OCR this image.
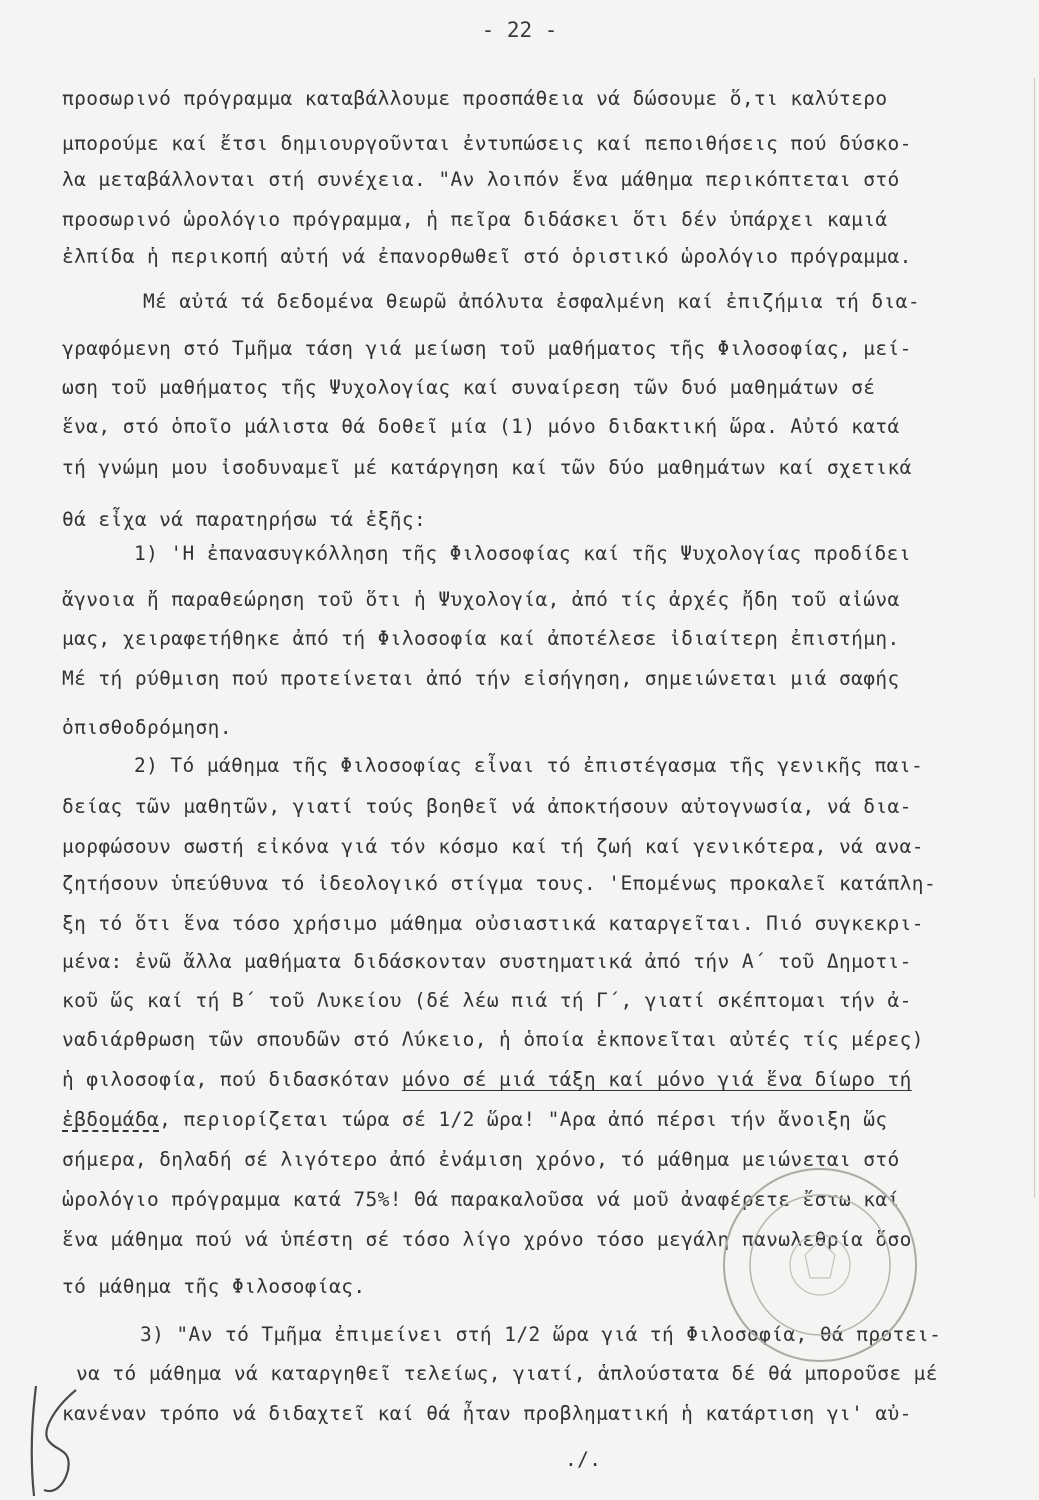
- 22 -
προσωρινό πρόγραμμα καταβάλλουμε προσπάθεια νά δώσουμε ὅ,τι καλύτερο
μπορούμε καί ἔτσι δημιουργοῦνται ἐντυπώσεις καί πεποιθήσεις πού δύσκο-
λα μεταβάλλονται στή συνέχεια. "Αν λοιπόν ἕνα μάθημα περικόπτεται στό
προσωρινό ὡρολόγιο πρόγραμμα, ἡ πεῖρα διδάσκει ὅτι δέν ὑπάρχει καμιά
ἐλπίδα ἡ περικοπή αὐτή νά ἐπανορθωθεῖ στό ὁριστικό ὡρολόγιο πρόγραμμα.
Μέ αὐτά τά δεδομένα θεωρῶ ἀπόλυτα ἐσφαλμένη καί ἐπιζήμια τή δια-
γραφόμενη στό Τμῆμα τάση γιά μείωση τοῦ μαθήματος τῆς Φιλοσοφίας, μεί-
ωση τοῦ μαθήματος τῆς Ψυχολογίας καί συναίρεση τῶν δυό μαθημάτων σέ
ἕνα, στό ὁποῖο μάλιστα θά δοθεῖ μία (1) μόνο διδακτική ὥρα. Αὐτό κατά
τή γνώμη μου ἰσοδυναμεῖ μέ κατάργηση καί τῶν δύο μαθημάτων καί σχετικά
θά εἶχα νά παρατηρήσω τά ἑξῆς:
1) 'Η ἐπανασυγκόλληση τῆς Φιλοσοφίας καί τῆς Ψυχολογίας προδίδει
ἄγνοια ἤ παραθεώρηση τοῦ ὅτι ἡ Ψυχολογία, ἀπό τίς ἀρχές ἤδη τοῦ αἰώνα
μας, χειραφετήθηκε ἀπό τή Φιλοσοφία καί ἀποτέλεσε ἰδιαίτερη ἐπιστήμη.
Μέ τή ρύθμιση πού προτείνεται ἀπό τήν εἰσήγηση, σημειώνεται μιά σαφής
ὀπισθοδρόμηση.
2) Τό μάθημα τῆς Φιλοσοφίας εἶναι τό ἐπιστέγασμα τῆς γενικῆς παι-
δείας τῶν μαθητῶν, γιατί τούς βοηθεῖ νά ἀποκτήσουν αὐτογνωσία, νά δια-
μορφώσουν σωστή εἰκόνα γιά τόν κόσμο καί τή ζωή καί γενικότερα, νά ανα-
ζητήσουν ὑπεύθυνα τό ἰδεολογικό στίγμα τους. 'Επομένως προκαλεῖ κατάπλη-
ξη τό ὅτι ἕνα τόσο χρήσιμο μάθημα οὐσιαστικά καταργεῖται. Πιό συγκεκρι-
μένα: ἐνῶ ἄλλα μαθήματα διδάσκονταν συστηματικά ἀπό τήν Α΄ τοῦ Δημοτι-
κοῦ ὥς καί τή Β΄ τοῦ Λυκείου (δέ λέω πιά τή Γ΄, γιατί σκέπτομαι τήν ἀ-
ναδιάρθρωση τῶν σπουδῶν στό Λύκειο, ἡ ὁποία ἐκπονεῖται αὐτές τίς μέρες)
ἡ φιλοσοφία, πού διδασκόταν μόνο σέ μιά τάξη καί μόνο γιά ἕνα δίωρο τή
ἑβδομάδα, περιορίζεται τώρα σέ 1/2 ὥρα! "Αρα ἀπό πέρσι τήν ἄνοιξη ὥς
σήμερα, δηλαδή σέ λιγότερο ἀπό ἐνάμιση χρόνο, τό μάθημα μειώνεται στό
ὡρολόγιο πρόγραμμα κατά 75%! Θά παρακαλοῦσα νά μοῦ ἀναφέρετε ἔστω καί
ἕνα μάθημα πού νά ὑπέστη σέ τόσο λίγο χρόνο τόσο μεγάλη πανωλεθρία ὅσο
τό μάθημα τῆς Φιλοσοφίας.
3) "Αν τό Τμῆμα ἐπιμείνει στή 1/2 ὥρα γιά τή Φιλοσοφία, θά προτει-
να τό μάθημα νά καταργηθεῖ τελείως, γιατί, ἁπλούστατα δέ θά μποροῦσε μέ
κανέναν τρόπο νά διδαχτεῖ καί θά ἦταν προβληματική ἡ κατάρτιση γι' αὐ-
./.
